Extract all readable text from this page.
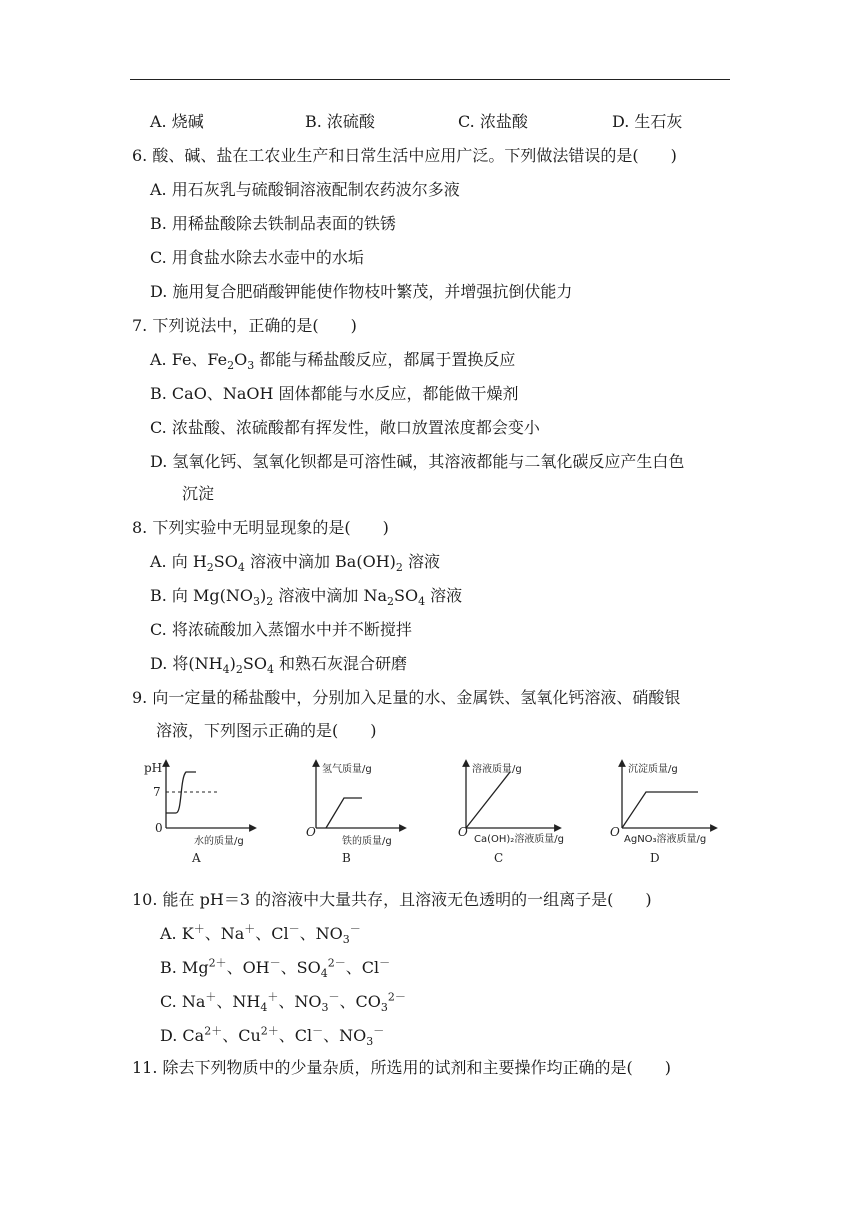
A. 烧碱	B. 浓硫酸	C. 浓盐酸	D. 生石灰
6. 酸、碱、盐在工农业生产和日常生活中应用广泛。下列做法错误的是(　　)
A. 用石灰乳与硫酸铜溶液配制农药波尔多液
B. 用稀盐酸除去铁制品表面的铁锈
C. 用食盐水除去水壶中的水垢
D. 施用复合肥硝酸钾能使作物枝叶繁茂，并增强抗倒伏能力
7. 下列说法中，正确的是(　　)
A. Fe、$Fe_2O_3$ 都能与稀盐酸反应，都属于置换反应
B. CaO、NaOH 固体都能与水反应，都能做干燥剂
C. 浓盐酸、浓硫酸都有挥发性，敞口放置浓度都会变小
D. 氢氧化钙、氢氧化钡都是可溶性碱，其溶液都能与二氧化碳反应产生白色
沉淀
8. 下列实验中无明显现象的是(　　)
A. 向 $H_2SO_4$ 溶液中滴加 $Ba(OH)_2$ 溶液
B. 向 $Mg(NO_3)_2$ 溶液中滴加 $Na_2SO_4$ 溶液
C. 将浓硫酸加入蒸馏水中并不断搅拌
D. 将$(NH_4)_2SO_4$ 和熟石灰混合研磨
9. 向一定量的稀盐酸中，分别加入足量的水、金属铁、氢氧化钙溶液、硝酸银
溶液，下列图示正确的是(　　)
pH
7
0
水的质量/g
A
氢气质量/g
O
铁的质量/g
B
溶液质量/g
O
Ca(OH)₂溶液质量/g
C
沉淀质量/g
O
AgNO₃溶液质量/g
D
10. 能在 pH＝3 的溶液中大量共存，且溶液无色透明的一组离子是(　　)
A. K＋、Na＋、Cl－、$NO_3^-$
B. $Mg^{2+}$、OH－、$SO_4^{2-}$、Cl－
C. Na＋、$NH_4^+$、$NO_3^-$、$CO_3^{2-}$
D. $Ca^{2+}$、$Cu^{2+}$、Cl－、$NO_3^-$
11. 除去下列物质中的少量杂质，所选用的试剂和主要操作均正确的是(　　)
